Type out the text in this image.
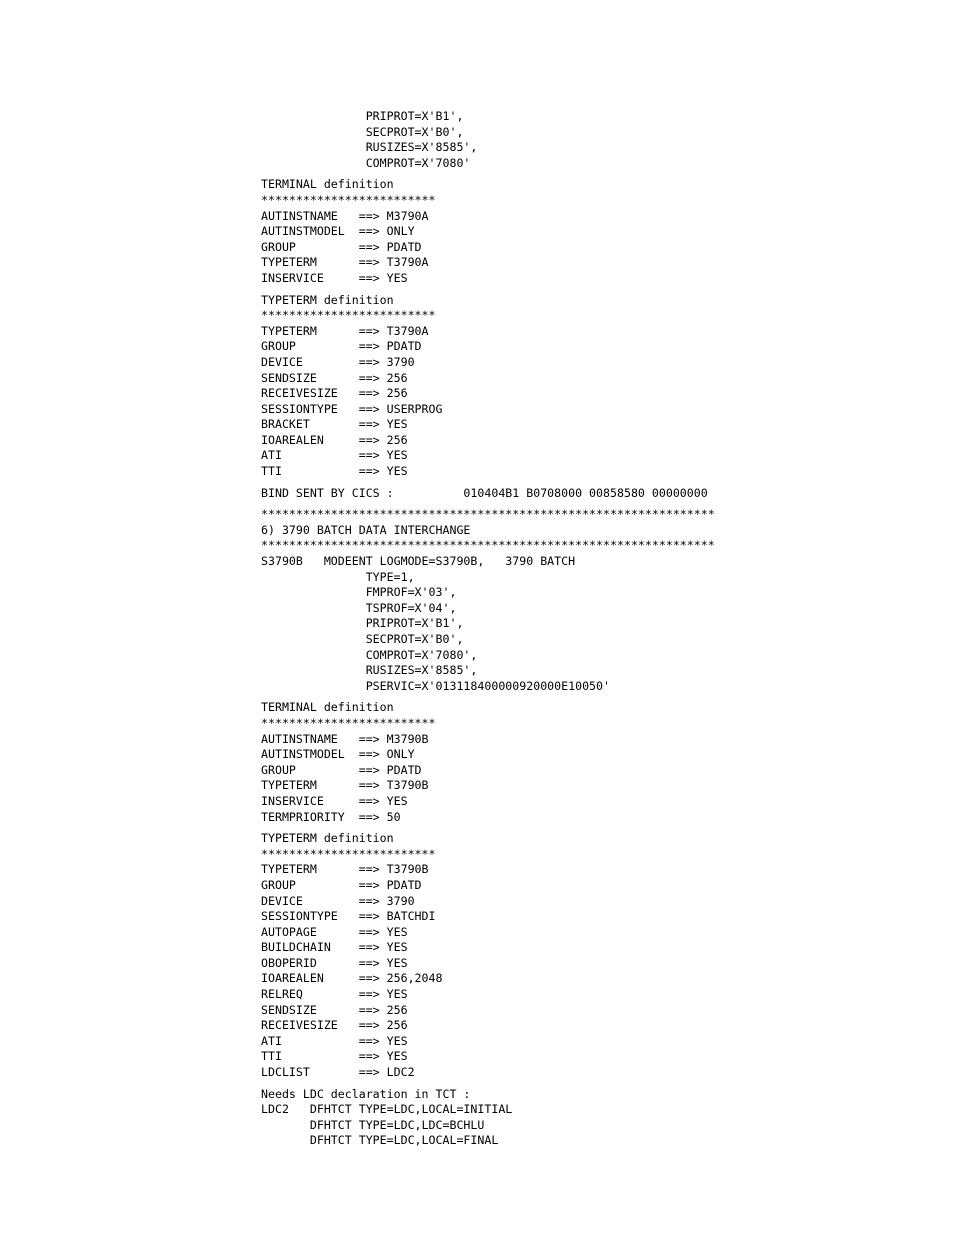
PRIPROT=X'B1',
SECPROT=X'B0',
RUSIZES=X'8585',
COMPROT=X'7080'
TERMINAL definition
*************************
AUTINSTNAME   ==> M3790A
AUTINSTMODEL  ==> ONLY
GROUP         ==> PDATD
TYPETERM      ==> T3790A
INSERVICE     ==> YES
TYPETERM definition
*************************
TYPETERM      ==> T3790A
GROUP         ==> PDATD
DEVICE        ==> 3790
SENDSIZE      ==> 256
RECEIVESIZE   ==> 256
SESSIONTYPE   ==> USERPROG
BRACKET       ==> YES
IOAREALEN     ==> 256
ATI           ==> YES
TTI           ==> YES
BIND SENT BY CICS :          010404B1 B0708000 00858580 00000000
*****************************************************************
6) 3790 BATCH DATA INTERCHANGE
*****************************************************************
S3790B   MODEENT LOGMODE=S3790B,   3790 BATCH
TYPE=1,
FMPROF=X'03',
TSPROF=X'04',
PRIPROT=X'B1',
SECPROT=X'B0',
COMPROT=X'7080',
RUSIZES=X'8585',
PSERVIC=X'013118400000920000E10050'
TERMINAL definition
*************************
AUTINSTNAME   ==> M3790B
AUTINSTMODEL  ==> ONLY
GROUP         ==> PDATD
TYPETERM      ==> T3790B
INSERVICE     ==> YES
TERMPRIORITY  ==> 50
TYPETERM definition
*************************
TYPETERM      ==> T3790B
GROUP         ==> PDATD
DEVICE        ==> 3790
SESSIONTYPE   ==> BATCHDI
AUTOPAGE      ==> YES
BUILDCHAIN    ==> YES
OBOPERID      ==> YES
IOAREALEN     ==> 256,2048
RELREQ        ==> YES
SENDSIZE      ==> 256
RECEIVESIZE   ==> 256
ATI           ==> YES
TTI           ==> YES
LDCLIST       ==> LDC2
Needs LDC declaration in TCT :
LDC2   DFHTCT TYPE=LDC,LOCAL=INITIAL
DFHTCT TYPE=LDC,LDC=BCHLU
DFHTCT TYPE=LDC,LOCAL=FINAL
